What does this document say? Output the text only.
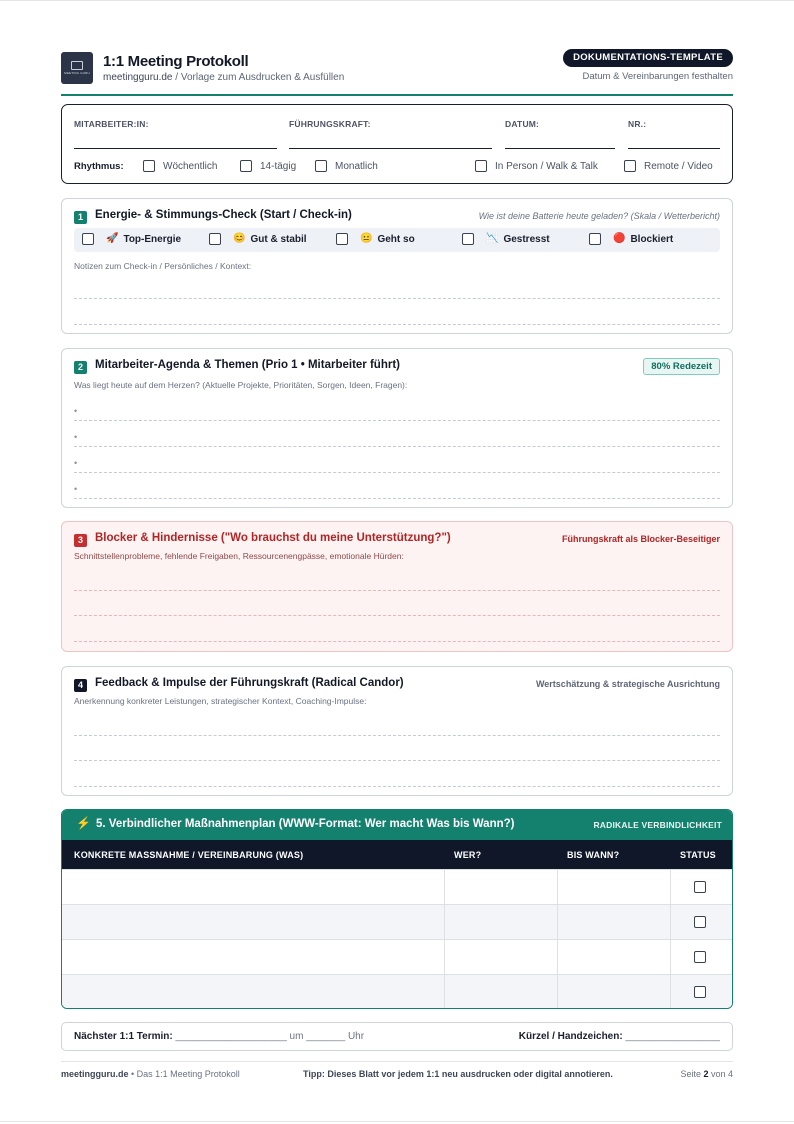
MEETING GURU
1:1 Meeting Protokoll
meetingguru.de / Vorlage zum Ausdrucken & Ausfüllen
DOKUMENTATIONS-TEMPLATE
Datum & Vereinbarungen festhalten
MITARBEITER:IN:	FÜHRUNGSKRAFT:	DATUM:	NR.:
Rhythmus:	Wöchentlich	14-tägig	Monatlich	In Person / Walk & Talk	Remote / Video
1	Energie- & Stimmungs-Check (Start / Check-in)	Wie ist deine Batterie heute geladen? (Skala / Wetterbericht)
🚀 Top-Energie	😊 Gut & stabil	😐 Geht so	📉 Gestresst	🔴 Blockiert
Notizen zum Check-in / Persönliches / Kontext:
2	Mitarbeiter-Agenda & Themen (Prio 1 • Mitarbeiter führt)	80% Redezeit
Was liegt heute auf dem Herzen? (Aktuelle Projekte, Prioritäten, Sorgen, Ideen, Fragen):
•
•
•
•
3	Blocker & Hindernisse ("Wo brauchst du meine Unterstützung?")	Führungskraft als Blocker-Beseitiger
Schnittstellenprobleme, fehlende Freigaben, Ressourcenengpässe, emotionale Hürden:
4	Feedback & Impulse der Führungskraft (Radical Candor)	Wertschätzung & strategische Ausrichtung
Anerkennung konkreter Leistungen, strategischer Kontext, Coaching-Impulse:
⚡ 5. Verbindlicher Maßnahmenplan (WWW-Format: Wer macht Was bis Wann?)	RADIKALE VERBINDLICHKEIT
KONKRETE MASSNAHME / VEREINBARUNG (WAS)	WER?	BIS WANN?	STATUS
Nächster 1:1 Termin: ____________________ um _______ Uhr	Kürzel / Handzeichen: _________________
meetingguru.de • Das 1:1 Meeting Protokoll	Tipp: Dieses Blatt vor jedem 1:1 neu ausdrucken oder digital annotieren.	Seite 2 von 4
